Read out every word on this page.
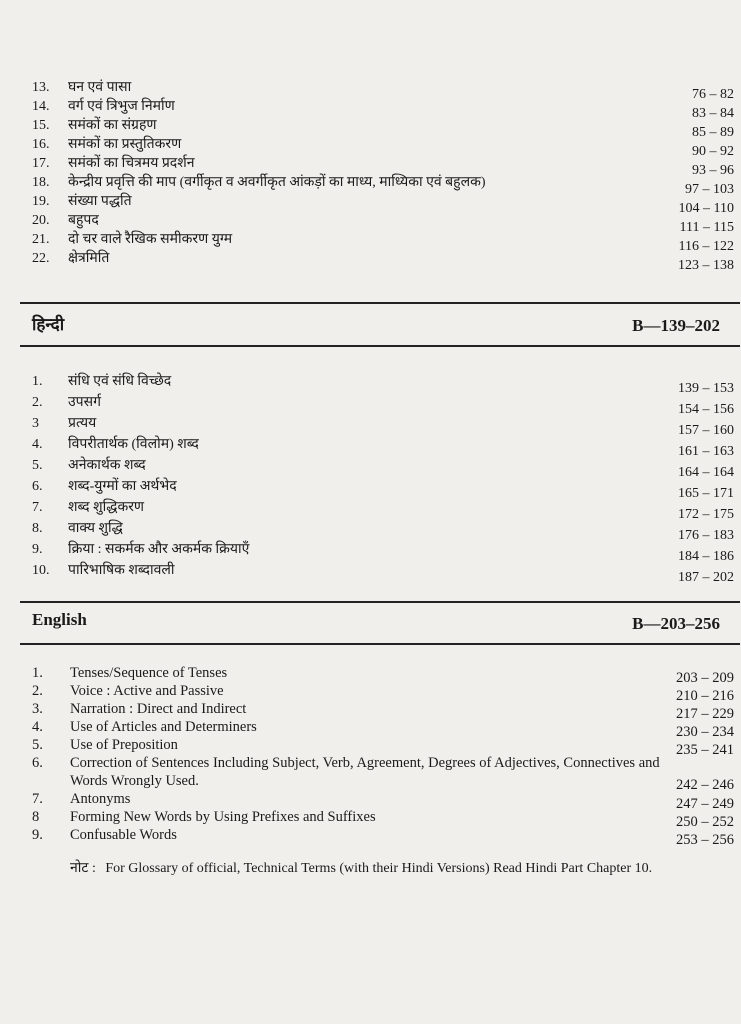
13. घन एवं पासा	76 – 82
14. वर्ग एवं त्रिभुज निर्माण	83 – 84
15. समंकों का संग्रहण	85 – 89
16. समंकों का प्रस्तुतिकरण	90 – 92
17. समंकों का चित्रमय प्रदर्शन	93 – 96
18. केन्द्रीय प्रवृत्ति की माप (वर्गीकृत व अवर्गीकृत आंकड़ों का माध्य, माध्यिका एवं बहुलक)	97 – 103
19. संख्या पद्धति	104 – 110
20. बहुपद	111 – 115
21. दो चर वाले रैखिक समीकरण युग्म	116 – 122
22. क्षेत्रमिति	123 – 138
हिन्दी	B—139–202
1. संधि एवं संधि विच्छेद	139 – 153
2. उपसर्ग	154 – 156
3 प्रत्यय	157 – 160
4. विपरीतार्थक (विलोम) शब्द	161 – 163
5. अनेकार्थक शब्द	164 – 164
6. शब्द-युग्मों का अर्थभेद	165 – 171
7. शब्द शुद्धिकरण	172 – 175
8. वाक्य शुद्धि	176 – 183
9. क्रिया : सकर्मक और अकर्मक क्रियाएँ	184 – 186
10. पारिभाषिक शब्दावली	187 – 202
English	B—203–256
1. Tenses/Sequence of Tenses	203 – 209
2. Voice : Active and Passive	210 – 216
3. Narration : Direct and Indirect	217 – 229
4. Use of Articles and Determiners	230 – 234
5. Use of Preposition	235 – 241
6. Correction of Sentences Including Subject, Verb, Agreement, Degrees of Adjectives, Connectives and Words Wrongly Used.	242 – 246
7. Antonyms	247 – 249
8 Forming New Words by Using Prefixes and Suffixes	250 – 252
9. Confusable Words	253 – 256
नोट : For Glossary of official, Technical Terms (with their Hindi Versions) Read Hindi Part Chapter 10.
